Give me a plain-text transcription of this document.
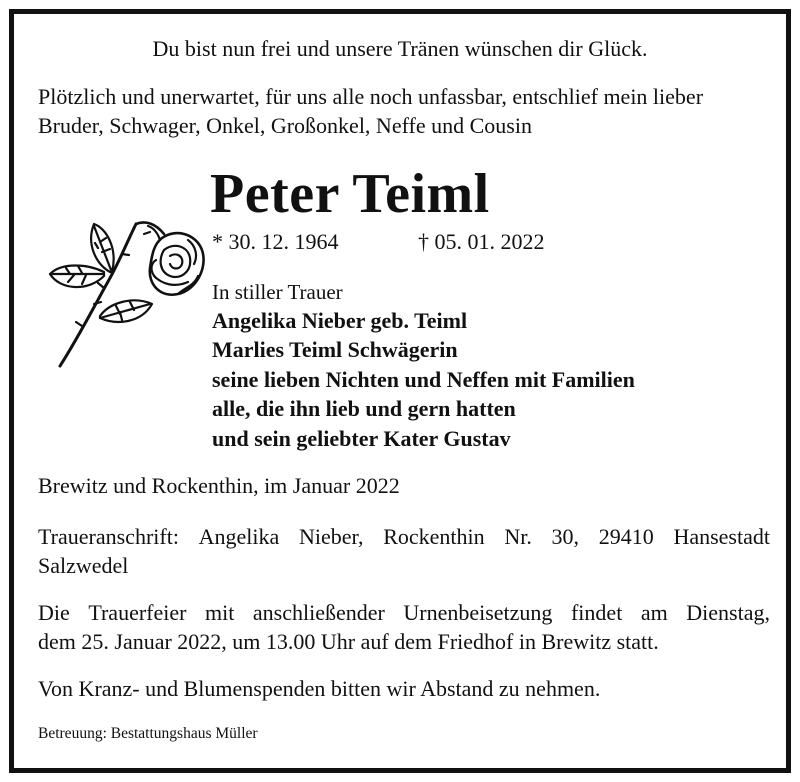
Du bist nun frei und unsere Tränen wünschen dir Glück.
Plötzlich und unerwartet, für uns alle noch unfassbar, entschlief mein lieber
Bruder, Schwager, Onkel, Großonkel, Neffe und Cousin
Peter Teiml
* 30. 12. 1964	† 05. 01. 2022
In stiller Trauer
Angelika Nieber geb. Teiml
Marlies Teiml Schwägerin
seine lieben Nichten und Neffen mit Familien
alle, die ihn lieb und gern hatten
und sein geliebter Kater Gustav
Brewitz und Rockenthin, im Januar 2022
Traueranschrift: Angelika Nieber, Rockenthin Nr. 30, 29410 Hansestadt
Salzwedel
Die Trauerfeier mit anschließender Urnenbeisetzung findet am Dienstag,
dem 25. Januar 2022, um 13.00 Uhr auf dem Friedhof in Brewitz statt.
Von Kranz- und Blumenspenden bitten wir Abstand zu nehmen.
Betreuung: Bestattungshaus Müller
